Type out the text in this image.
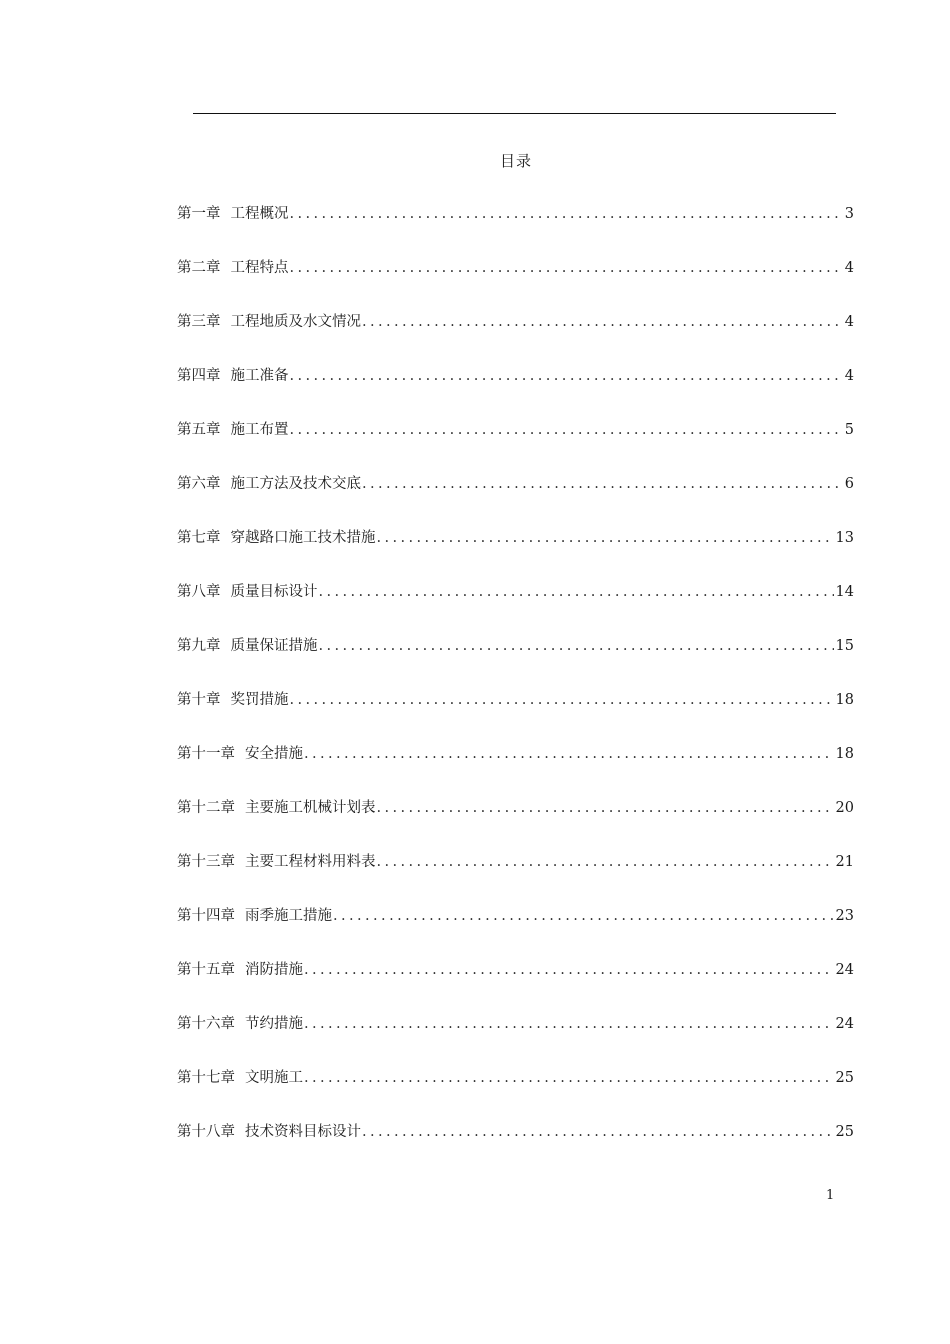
目录
第一章 工程概况 .....	3
第二章 工程特点 .....	4
第三章 工程地质及水文情况 .....	4
第四章 施工准备 .....	4
第五章 施工布置 .....	5
第六章 施工方法及技术交底 .....	6
第七章 穿越路口施工技术措施 .....	13
第八章 质量目标设计 .....	14
第九章 质量保证措施 .....	15
第十章 奖罚措施 .....	18
第十一章 安全措施 .....	18
第十二章 主要施工机械计划表 .....	20
第十三章 主要工程材料用料表 .....	21
第十四章 雨季施工措施 .....	23
第十五章 消防措施 .....	24
第十六章 节约措施 .....	24
第十七章 文明施工 .....	25
第十八章 技术资料目标设计 .....	25
1
